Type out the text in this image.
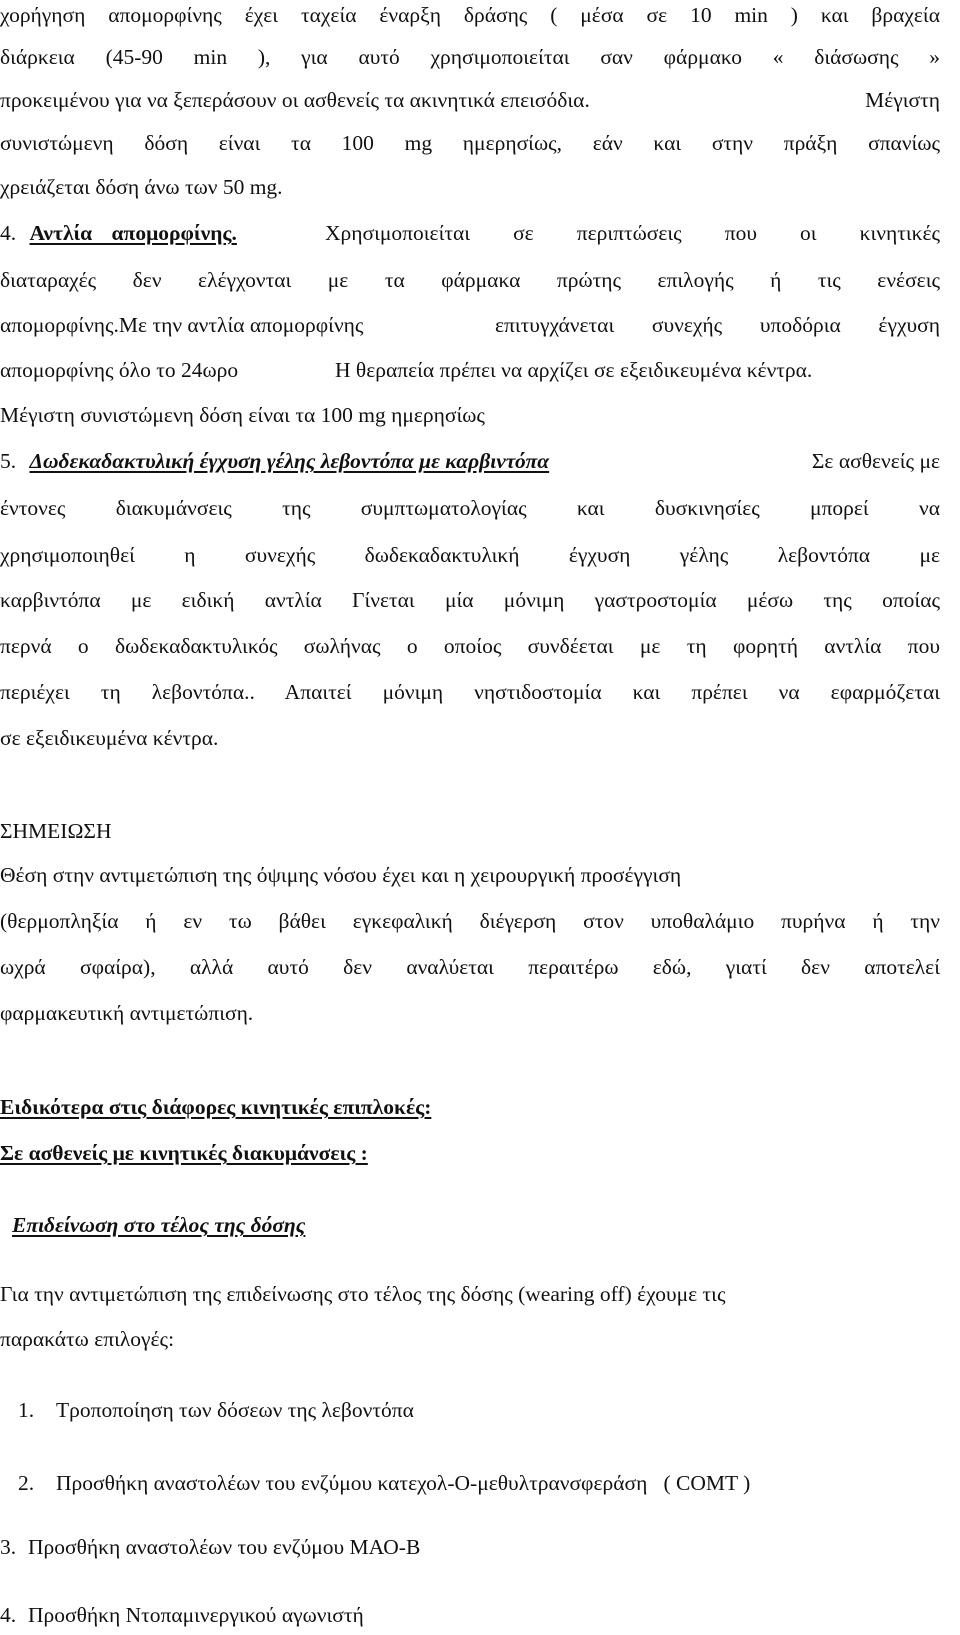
χορήγηση απομορφίνης έχει ταχεία έναρξη δράσης ( μέσα σε 10 min ) και βραχεία
διάρκεια (45-90 min ), για αυτό χρησιμοποιείται σαν φάρμακο « διάσωσης »
προκειμένου για να ξεπεράσουν οι ασθενείς τα ακινητικά επεισόδια.	Μέγιστη
συνιστώμενη δόση είναι τα 100 mg ημερησίως, εάν και στην πράξη σπανίως
χρειάζεται δόση άνω των 50 mg.
4. Αντλία απομορφίνης.	Χρησιμοποιείται σε περιπτώσεις που οι κινητικές
διαταραχές δεν ελέγχονται με τα φάρμακα πρώτης επιλογής ή τις ενέσεις
απομορφίνης.Με την αντλία απομορφίνης	επιτυγχάνεται συνεχής υποδόρια έγχυση
απομορφίνης όλο το 24ωρο	Η θεραπεία πρέπει να αρχίζει σε εξειδικευμένα κέντρα.
Μέγιστη συνιστώμενη δόση είναι τα 100 mg ημερησίως
5. Δωδεκαδακτυλική έγχυση γέλης λεβοντόπα με καρβιντόπα	Σε ασθενείς με
έντονες διακυμάνσεις της συμπτωματολογίας και δυσκινησίες μπορεί να
χρησιμοποιηθεί η συνεχής δωδεκαδακτυλική έγχυση γέλης λεβοντόπα με
καρβιντόπα με ειδική αντλία Γίνεται μία μόνιμη γαστροστομία μέσω της οποίας
περνά ο δωδεκαδακτυλικός σωλήνας ο οποίος συνδέεται με τη φορητή αντλία που
περιέχει τη λεβοντόπα.. Απαιτεί μόνιμη νηστιδοστομία και πρέπει να εφαρμόζεται
σε εξειδικευμένα κέντρα.
ΣΗΜΕΙΩΣΗ
Θέση στην αντιμετώπιση της όψιμης νόσου έχει και η χειρουργική προσέγγιση
(θερμοπληξία ή εν τω βάθει εγκεφαλική διέγερση στον υποθαλάμιο πυρήνα ή την
ωχρά σφαίρα), αλλά αυτό δεν αναλύεται περαιτέρω εδώ, γιατί δεν αποτελεί
φαρμακευτική αντιμετώπιση.
Ειδικότερα στις διάφορες κινητικές επιπλοκές:
Σε ασθενείς με κινητικές διακυμάνσεις :
Επιδείνωση στο τέλος της δόσης
Για την αντιμετώπιση της επιδείνωσης στο τέλος της δόσης (wearing off) έχουμε τις
παρακάτω επιλογές:
1. Τροποποίηση των δόσεων της λεβοντόπα
2. Προσθήκη αναστολέων του ενζύμου κατεχολ-Ο-μεθυλτρανσφεράση   ( COMT )
3. Προσθήκη αναστολέων του ενζύμου ΜΑΟ-Β
4. Προσθήκη Ντοπαμινεργικού αγωνιστή
